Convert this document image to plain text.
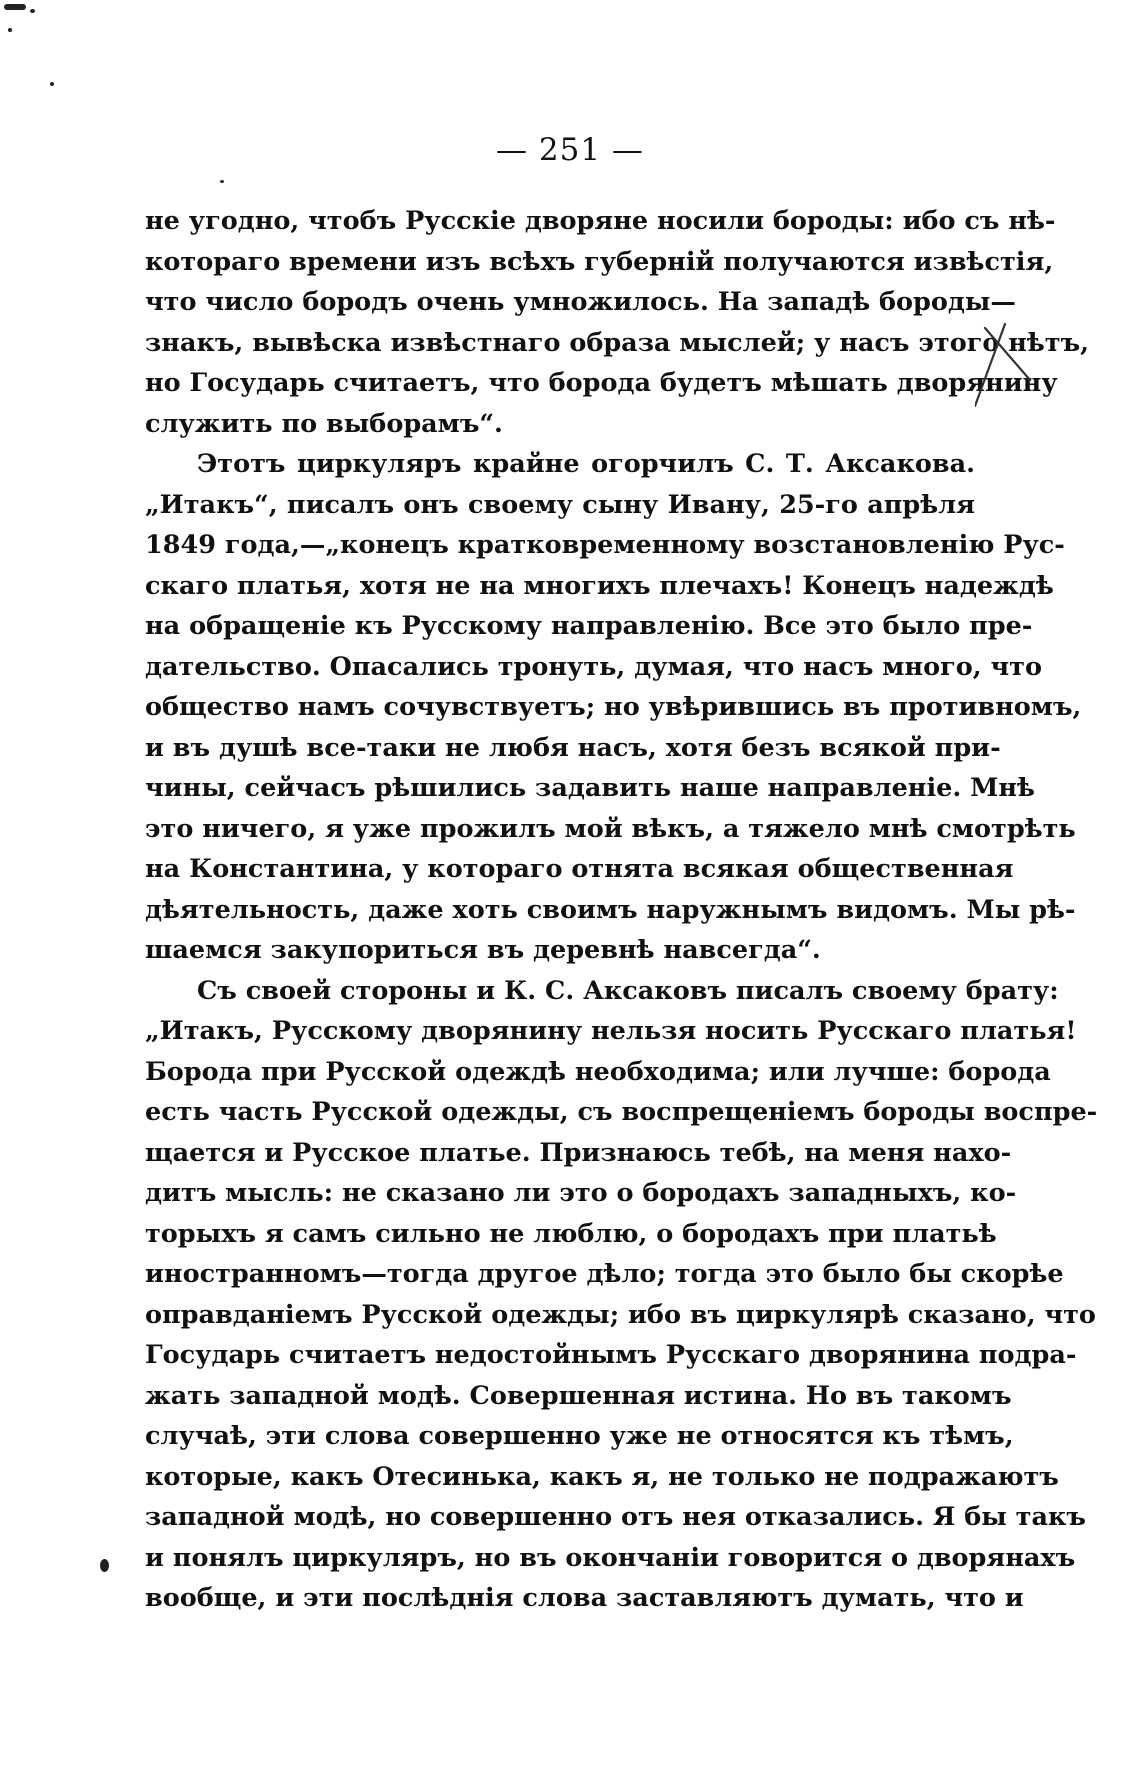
— 251 —
не угодно, чтобъ Русскіе дворяне носили бороды: ибо съ нѣ-
котораго времени изъ всѣхъ губерній получаются извѣстія,
что число бородъ очень умножилось. На западѣ бороды—
знакъ, вывѣска извѣстнаго образа мыслей; у насъ этого нѣтъ,
но Государь считаетъ, что борода будетъ мѣшать дворянину
служить по выборамъ“.
Этотъ циркуляръ крайне огорчилъ С. Т. Аксакова.
„Итакъ“, писалъ онъ своему сыну Ивану, 25-го апрѣля
1849 года,—„конецъ кратковременному возстановленію Рус-
скаго платья, хотя не на многихъ плечахъ! Конецъ надеждѣ
на обращеніе къ Русскому направленію. Все это было пре-
дательство. Опасались тронуть, думая, что насъ много, что
общество намъ сочувствуетъ; но увѣрившись въ противномъ,
и въ душѣ все-таки не любя насъ, хотя безъ всякой при-
чины, сейчасъ рѣшились задавить наше направленіе. Мнѣ
это ничего, я уже прожилъ мой вѣкъ, а тяжело мнѣ смотрѣть
на Константина, у котораго отнята всякая общественная
дѣятельность, даже хоть своимъ наружнымъ видомъ. Мы рѣ-
шаемся закупориться въ деревнѣ навсегда“.
Съ своей стороны и К. С. Аксаковъ писалъ своему брату:
„Итакъ, Русскому дворянину нельзя носить Русскаго платья!
Борода при Русской одеждѣ необходима; или лучше: борода
есть часть Русской одежды, съ воспрещеніемъ бороды воспре-
щается и Русское платье. Признаюсь тебѣ, на меня нахо-
дитъ мысль: не сказано ли это о бородахъ западныхъ, ко-
торыхъ я самъ сильно не люблю, о бородахъ при платьѣ
иностранномъ—тогда другое дѣло; тогда это было бы скорѣе
оправданіемъ Русской одежды; ибо въ циркулярѣ сказано, что
Государь считаетъ недостойнымъ Русскаго дворянина подра-
жать западной модѣ. Совершенная истина. Но въ такомъ
случаѣ, эти слова совершенно уже не относятся къ тѣмъ,
которые, какъ Отесинька, какъ я, не только не подражаютъ
западной модѣ, но совершенно отъ нея отказались. Я бы такъ
и понялъ циркуляръ, но въ окончаніи говорится о дворянахъ
вообще, и эти послѣднія слова заставляютъ думать, что и
